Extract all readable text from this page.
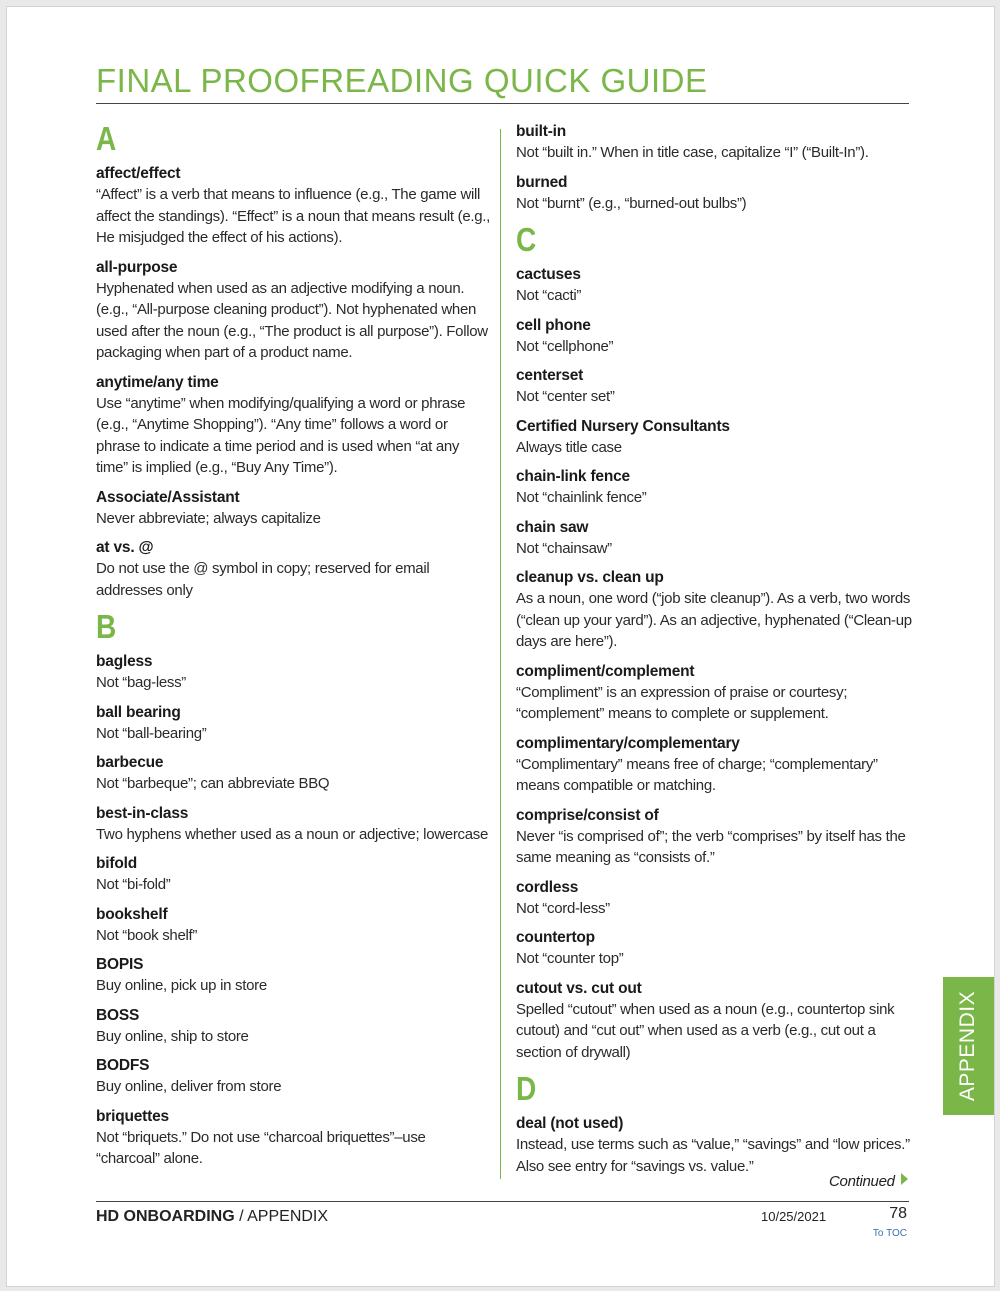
FINAL PROOFREADING QUICK GUIDE
A
affect/effect
“Affect” is a verb that means to influence (e.g., The game will affect the standings). “Effect” is a noun that means result (e.g., He misjudged the effect of his actions).
all-purpose
Hyphenated when used as an adjective modifying a noun. (e.g., “All-purpose cleaning product”). Not hyphenated when used after the noun (e.g., “The product is all purpose”). Follow packaging when part of a product name.
anytime/any time
Use “anytime” when modifying/qualifying a word or phrase (e.g., “Anytime Shopping”). “Any time” follows a word or phrase to indicate a time period and is used when “at any time” is implied (e.g., “Buy Any Time”).
Associate/Assistant
Never abbreviate; always capitalize
at vs. @
Do not use the @ symbol in copy; reserved for email addresses only
B
bagless
Not “bag-less”
ball bearing
Not “ball-bearing”
barbecue
Not “barbeque”; can abbreviate BBQ
best-in-class
Two hyphens whether used as a noun or adjective; lowercase
bifold
Not “bi-fold”
bookshelf
Not “book shelf”
BOPIS
Buy online, pick up in store
BOSS
Buy online, ship to store
BODFS
Buy online, deliver from store
briquettes
Not “briquets.” Do not use “charcoal briquettes”–use “charcoal” alone.
built-in
Not “built in.” When in title case, capitalize “I” (“Built-In”).
burned
Not “burnt” (e.g., “burned-out bulbs”)
C
cactuses
Not “cacti”
cell phone
Not “cellphone”
centerset
Not “center set”
Certified Nursery Consultants
Always title case
chain-link fence
Not “chainlink fence”
chain saw
Not “chainsaw”
cleanup vs. clean up
As a noun, one word (“job site cleanup”). As a verb, two words (“clean up your yard”). As an adjective, hyphenated (“Clean-up days are here”).
compliment/complement
“Compliment” is an expression of praise or courtesy; “complement” means to complete or supplement.
complimentary/complementary
“Complimentary” means free of charge; “complementary” means compatible or matching.
comprise/consist of
Never “is comprised of”; the verb “comprises” by itself has the same meaning as “consists of.”
cordless
Not “cord-less”
countertop
Not “counter top”
cutout vs. cut out
Spelled “cutout” when used as a noun (e.g., countertop sink cutout) and “cut out” when used as a verb (e.g., cut out a section of drywall)
D
deal (not used)
Instead, use terms such as “value,” “savings” and “low prices.” Also see entry for “savings vs. value.”
Continued
HD ONBOARDING / APPENDIX	10/25/2021	78
To TOC
APPENDIX
